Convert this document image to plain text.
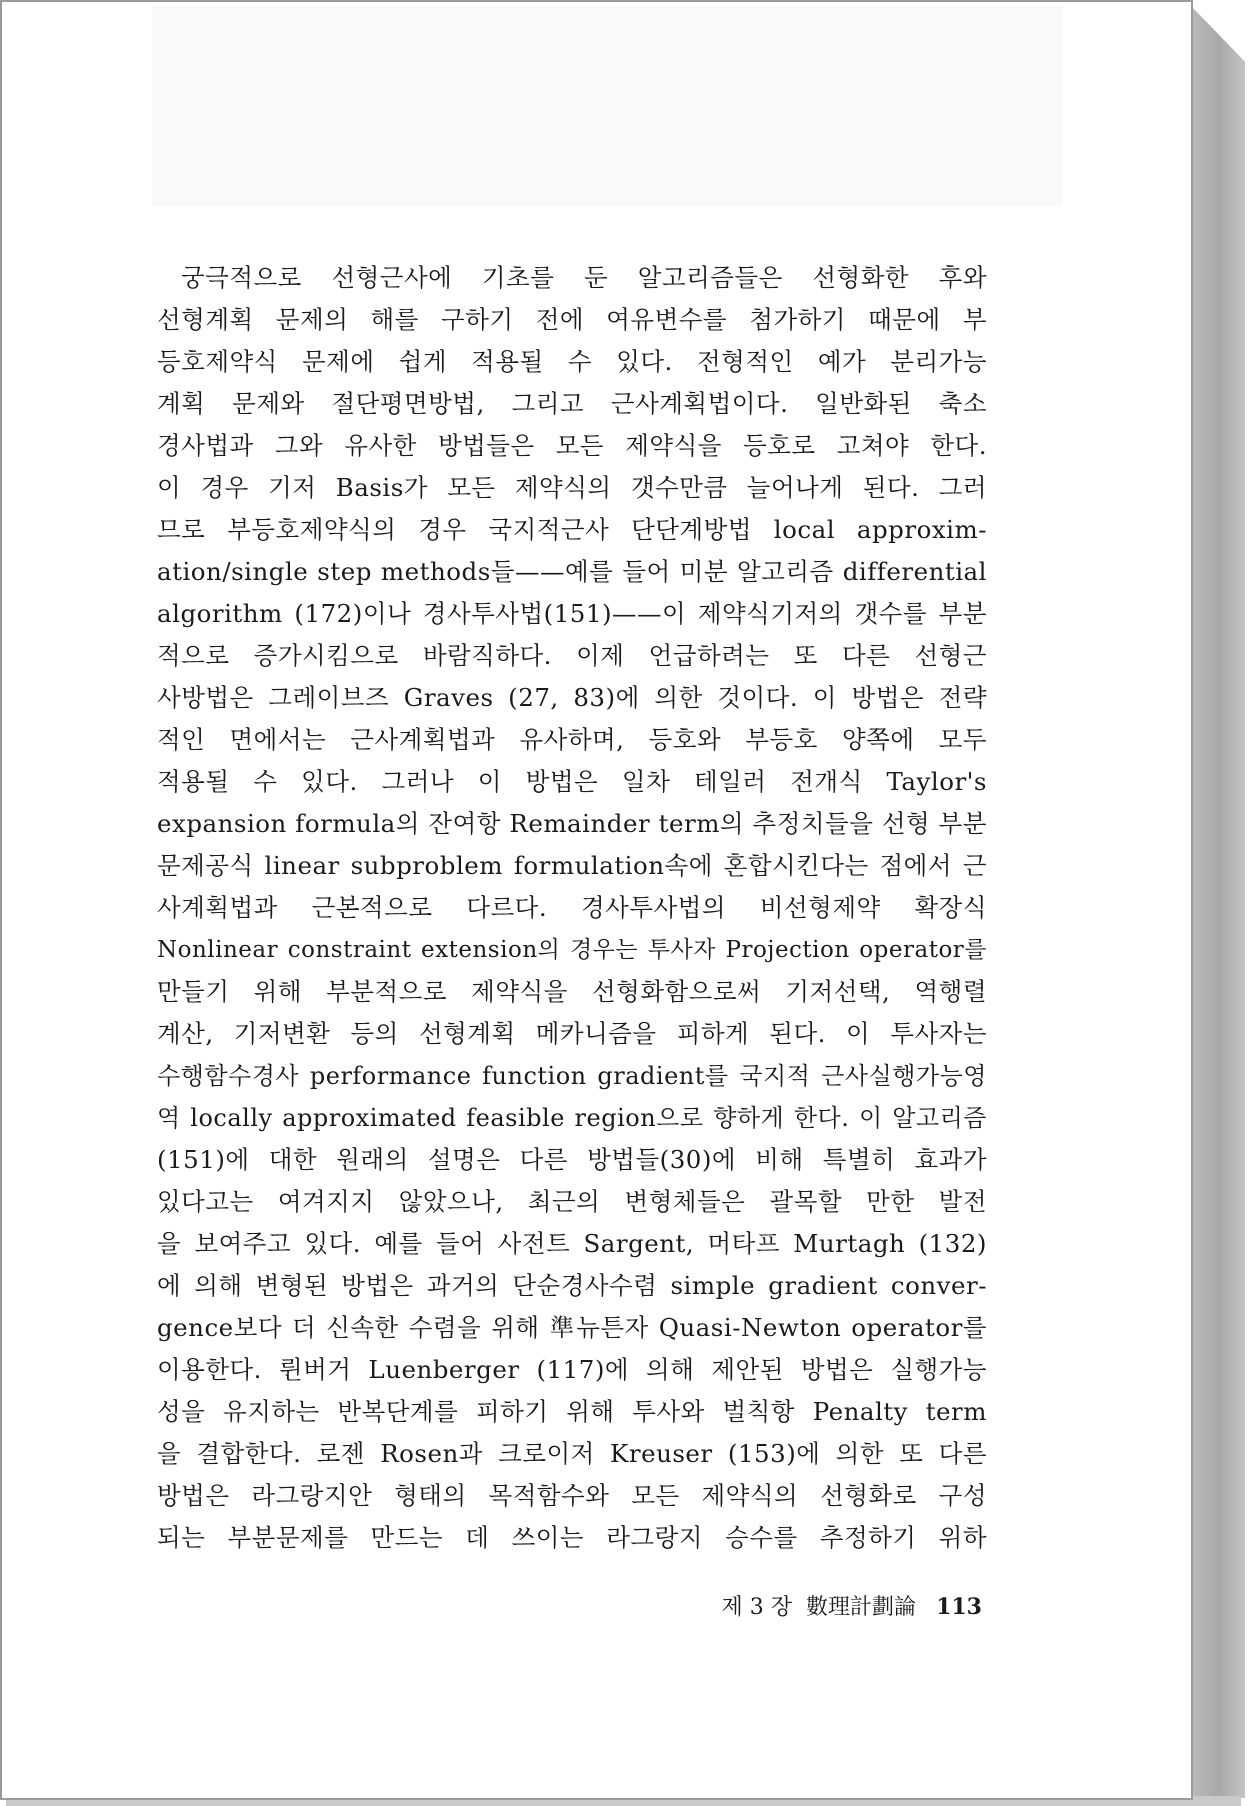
궁극적으로 선형근사에 기초를 둔 알고리즘들은 선형화한 후와
선형계획 문제의 해를 구하기 전에 여유변수를 첨가하기 때문에 부
등호제약식 문제에 쉽게 적용될 수 있다. 전형적인 예가 분리가능
계획 문제와 절단평면방법, 그리고 근사계획법이다. 일반화된 축소
경사법과 그와 유사한 방법들은 모든 제약식을 등호로 고쳐야 한다.
이 경우 기저 Basis가 모든 제약식의 갯수만큼 늘어나게 된다. 그러
므로 부등호제약식의 경우 국지적근사 단단계방법 local approxim-
ation/single step methods들——예를 들어 미분 알고리즘 differential
algorithm (172)이나 경사투사법(151)——이 제약식기저의 갯수를 부분
적으로 증가시킴으로 바람직하다. 이제 언급하려는 또 다른 선형근
사방법은 그레이브즈 Graves (27, 83)에 의한 것이다. 이 방법은 전략
적인 면에서는 근사계획법과 유사하며, 등호와 부등호 양쪽에 모두
적용될 수 있다. 그러나 이 방법은 일차 테일러 전개식 Taylor's
expansion formula의 잔여항 Remainder term의 추정치들을 선형 부분
문제공식 linear subproblem formulation속에 혼합시킨다는 점에서 근
사계획법과 근본적으로 다르다. 경사투사법의 비선형제약 확장식
Nonlinear constraint extension의 경우는 투사자 Projection operator를
만들기 위해 부분적으로 제약식을 선형화함으로써 기저선택, 역행렬
계산, 기저변환 등의 선형계획 메카니즘을 피하게 된다. 이 투사자는
수행함수경사 performance function gradient를 국지적 근사실행가능영
역 locally approximated feasible region으로 향하게 한다. 이 알고리즘
(151)에 대한 원래의 설명은 다른 방법들(30)에 비해 특별히 효과가
있다고는 여겨지지 않았으나, 최근의 변형체들은 괄목할 만한 발전
을 보여주고 있다. 예를 들어 사전트 Sargent, 머타프 Murtagh (132)
에 의해 변형된 방법은 과거의 단순경사수렴 simple gradient conver-
gence보다 더 신속한 수렴을 위해 準뉴튼자 Quasi-Newton operator를
이용한다. 륀버거 Luenberger (117)에 의해 제안된 방법은 실행가능
성을 유지하는 반복단계를 피하기 위해 투사와 벌칙항 Penalty term
을 결합한다. 로젠 Rosen과 크로이저 Kreuser (153)에 의한 또 다른
방법은 라그랑지안 형태의 목적함수와 모든 제약식의 선형화로 구성
되는 부분문제를 만드는 데 쓰이는 라그랑지 승수를 추정하기 위하
제 3 장 數理計劃論 113
